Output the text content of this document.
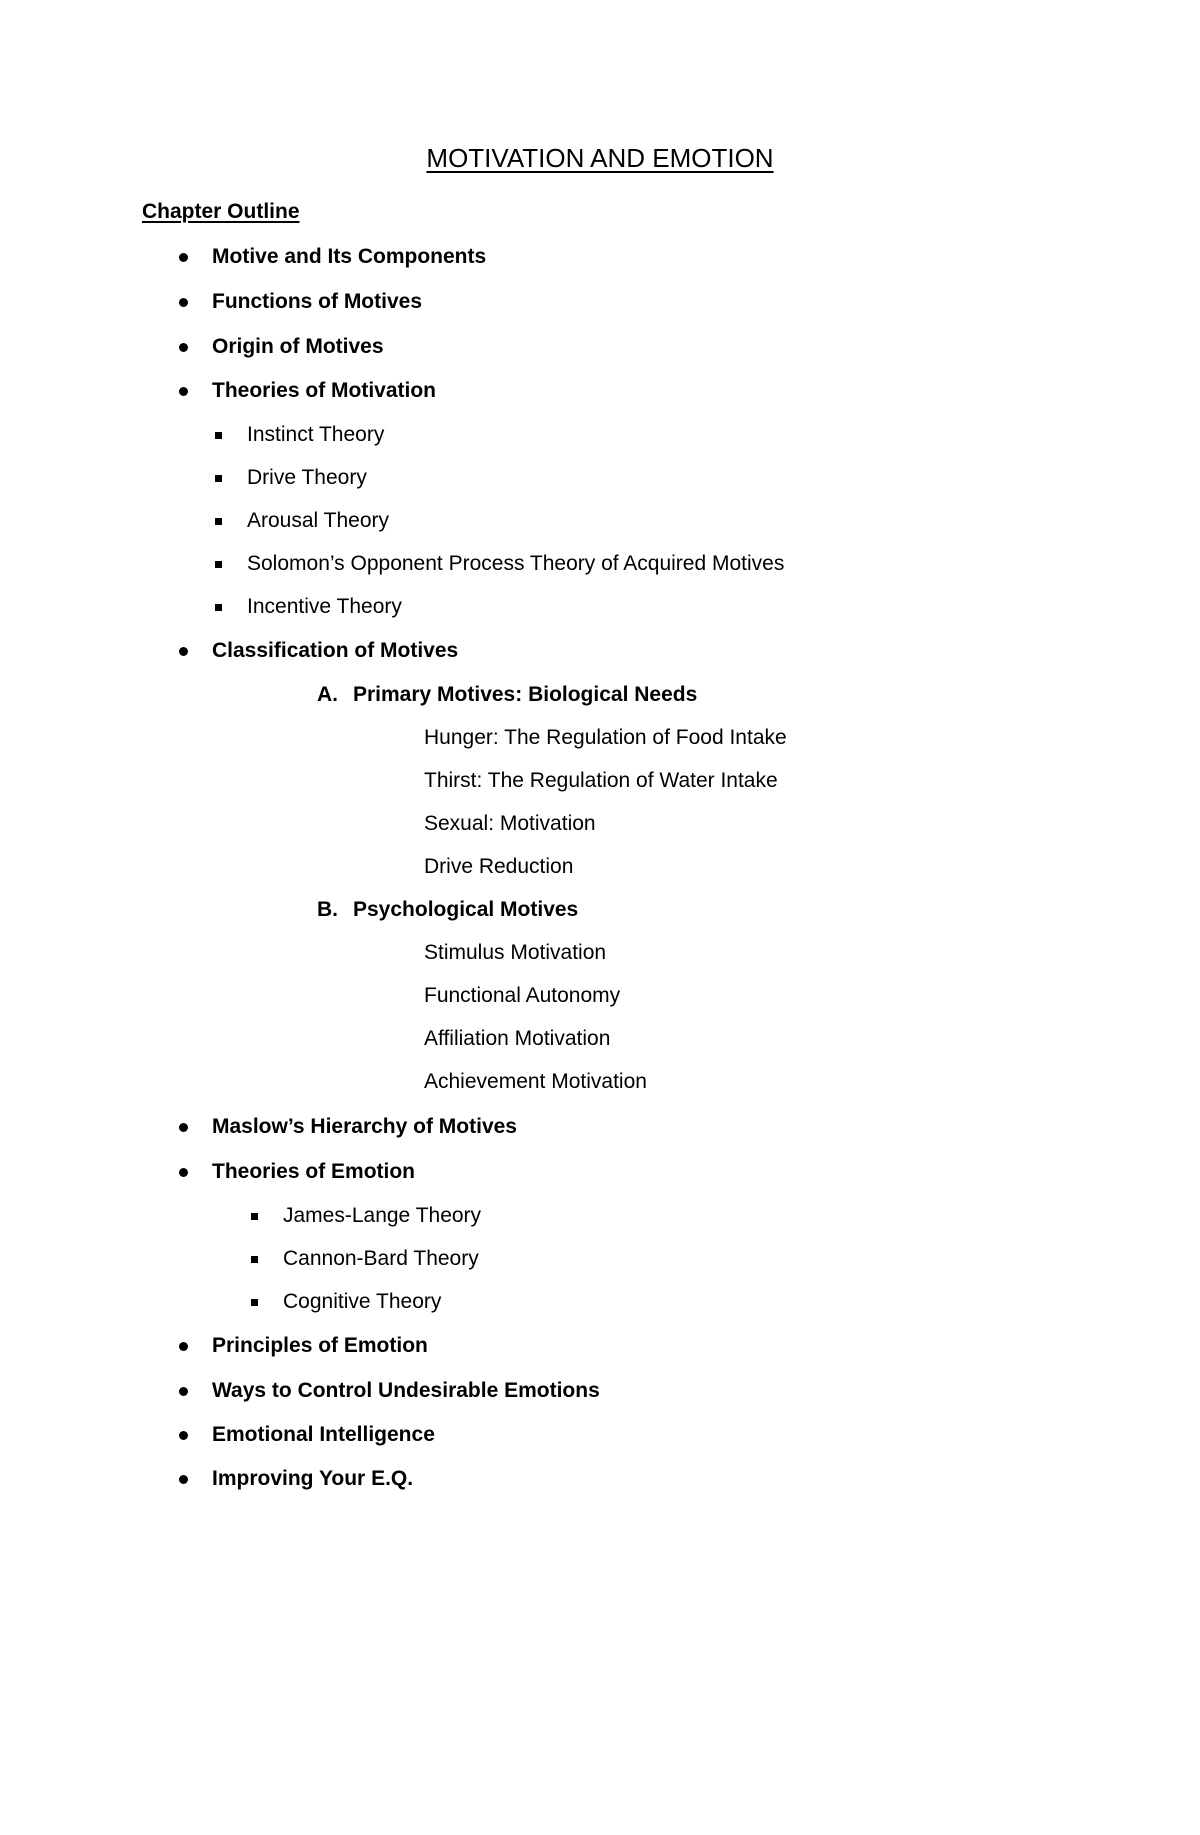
MOTIVATION AND EMOTION
Chapter Outline
Motive and Its Components
Functions of Motives
Origin of Motives
Theories of Motivation
Instinct Theory
Drive Theory
Arousal Theory
Solomon’s Opponent Process Theory of Acquired Motives
Incentive Theory
Classification of Motives
A. Primary Motives: Biological Needs
Hunger: The Regulation of Food Intake
Thirst: The Regulation of Water Intake
Sexual: Motivation
Drive Reduction
B. Psychological Motives
Stimulus Motivation
Functional Autonomy
Affiliation Motivation
Achievement Motivation
Maslow’s Hierarchy of Motives
Theories of Emotion
James-Lange Theory
Cannon-Bard Theory
Cognitive Theory
Principles of Emotion
Ways to Control Undesirable Emotions
Emotional Intelligence
Improving Your E.Q.
